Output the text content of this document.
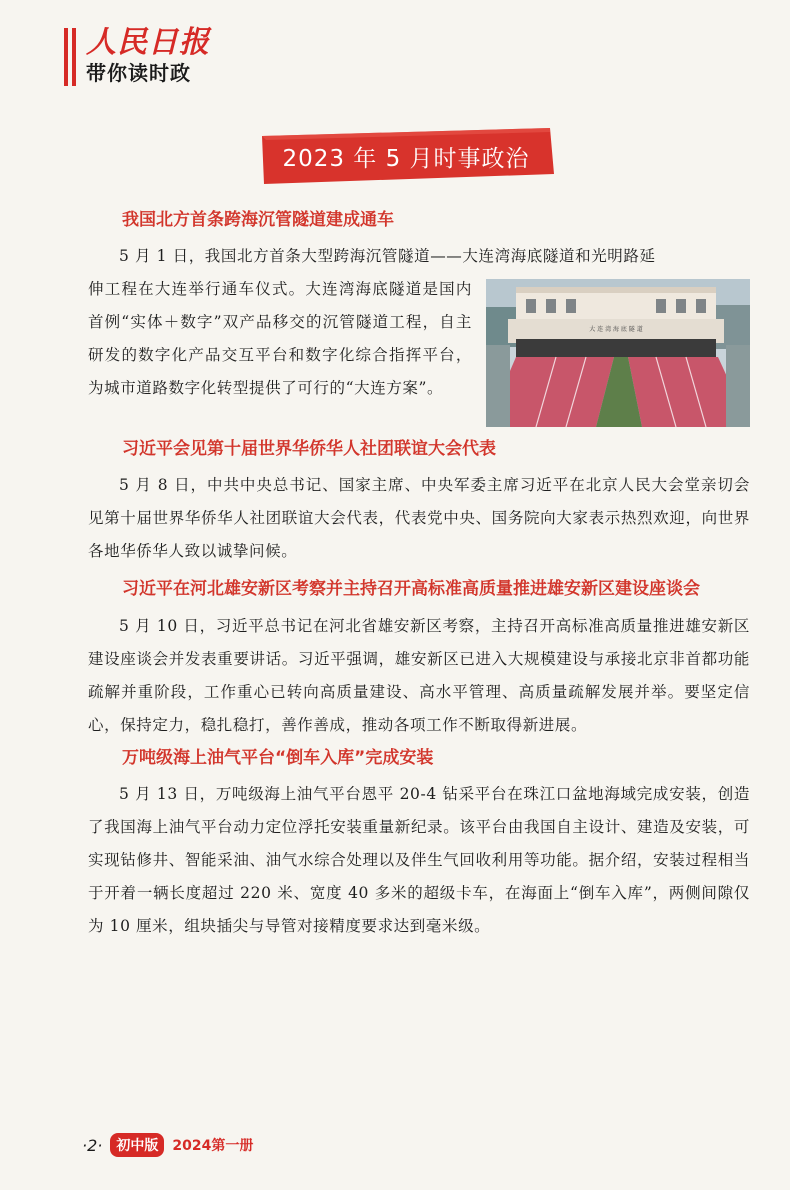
人民日报
带你读时政
2023 年 5 月时事政治
我国北方首条跨海沉管隧道建成通车

5 月 1 日，我国北方首条大型跨海沉管隧道——大连湾海底隧道和光明路延

大 连 湾 海 底 隧 道

伸工程在大连举行通车仪式。大连湾海底隧道是国内首例“实体＋数字”双产品移交的沉管隧道工程，自主研发的数字化产品交互平台和数字化综合指挥平台，为城市道路数字化转型提供了可行的“大连方案”。

习近平会见第十届世界华侨华人社团联谊大会代表

5 月 8 日，中共中央总书记、国家主席、中央军委主席习近平在北京人民大会堂亲切会见第十届世界华侨华人社团联谊大会代表，代表党中央、国务院向大家表示热烈欢迎，向世界各地华侨华人致以诚挚问候。

习近平在河北雄安新区考察并主持召开高标准高质量推进雄安新区建设座谈会

5 月 10 日，习近平总书记在河北省雄安新区考察，主持召开高标准高质量推进雄安新区建设座谈会并发表重要讲话。习近平强调，雄安新区已进入大规模建设与承接北京非首都功能疏解并重阶段，工作重心已转向高质量建设、高水平管理、高质量疏解发展并举。要坚定信心，保持定力，稳扎稳打，善作善成，推动各项工作不断取得新进展。

万吨级海上油气平台“倒车入库”完成安装

5 月 13 日，万吨级海上油气平台恩平 20-4 钻采平台在珠江口盆地海域完成安装，创造了我国海上油气平台动力定位浮托安装重量新纪录。该平台由我国自主设计、建造及安装，可实现钻修井、智能采油、油气水综合处理以及伴生气回收利用等功能。据介绍，安装过程相当于开着一辆长度超过 220 米、宽度 40 多米的超级卡车，在海面上“倒车入库”，两侧间隙仅为 10 厘米，组块插尖与导管对接精度要求达到毫米级。

·2·	初中版	2024第一册
